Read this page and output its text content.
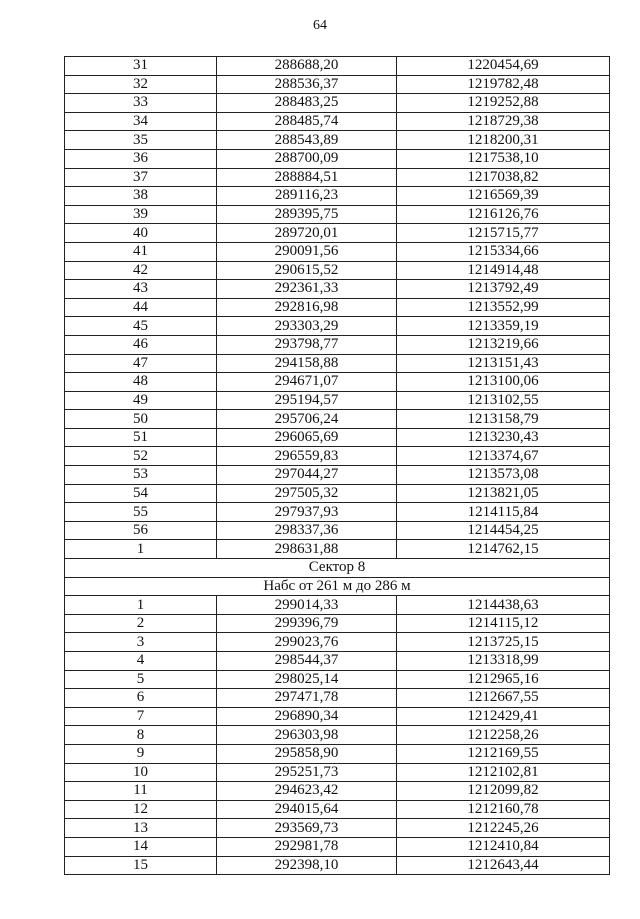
64
31	288688,20	1220454,69
32	288536,37	1219782,48
33	288483,25	1219252,88
34	288485,74	1218729,38
35	288543,89	1218200,31
36	288700,09	1217538,10
37	288884,51	1217038,82
38	289116,23	1216569,39
39	289395,75	1216126,76
40	289720,01	1215715,77
41	290091,56	1215334,66
42	290615,52	1214914,48
43	292361,33	1213792,49
44	292816,98	1213552,99
45	293303,29	1213359,19
46	293798,77	1213219,66
47	294158,88	1213151,43
48	294671,07	1213100,06
49	295194,57	1213102,55
50	295706,24	1213158,79
51	296065,69	1213230,43
52	296559,83	1213374,67
53	297044,27	1213573,08
54	297505,32	1213821,05
55	297937,93	1214115,84
56	298337,36	1214454,25
1	298631,88	1214762,15
Сектор 8		
Набс от 261 м до 286 м		
1	299014,33	1214438,63
2	299396,79	1214115,12
3	299023,76	1213725,15
4	298544,37	1213318,99
5	298025,14	1212965,16
6	297471,78	1212667,55
7	296890,34	1212429,41
8	296303,98	1212258,26
9	295858,90	1212169,55
10	295251,73	1212102,81
11	294623,42	1212099,82
12	294015,64	1212160,78
13	293569,73	1212245,26
14	292981,78	1212410,84
15	292398,10	1212643,44
